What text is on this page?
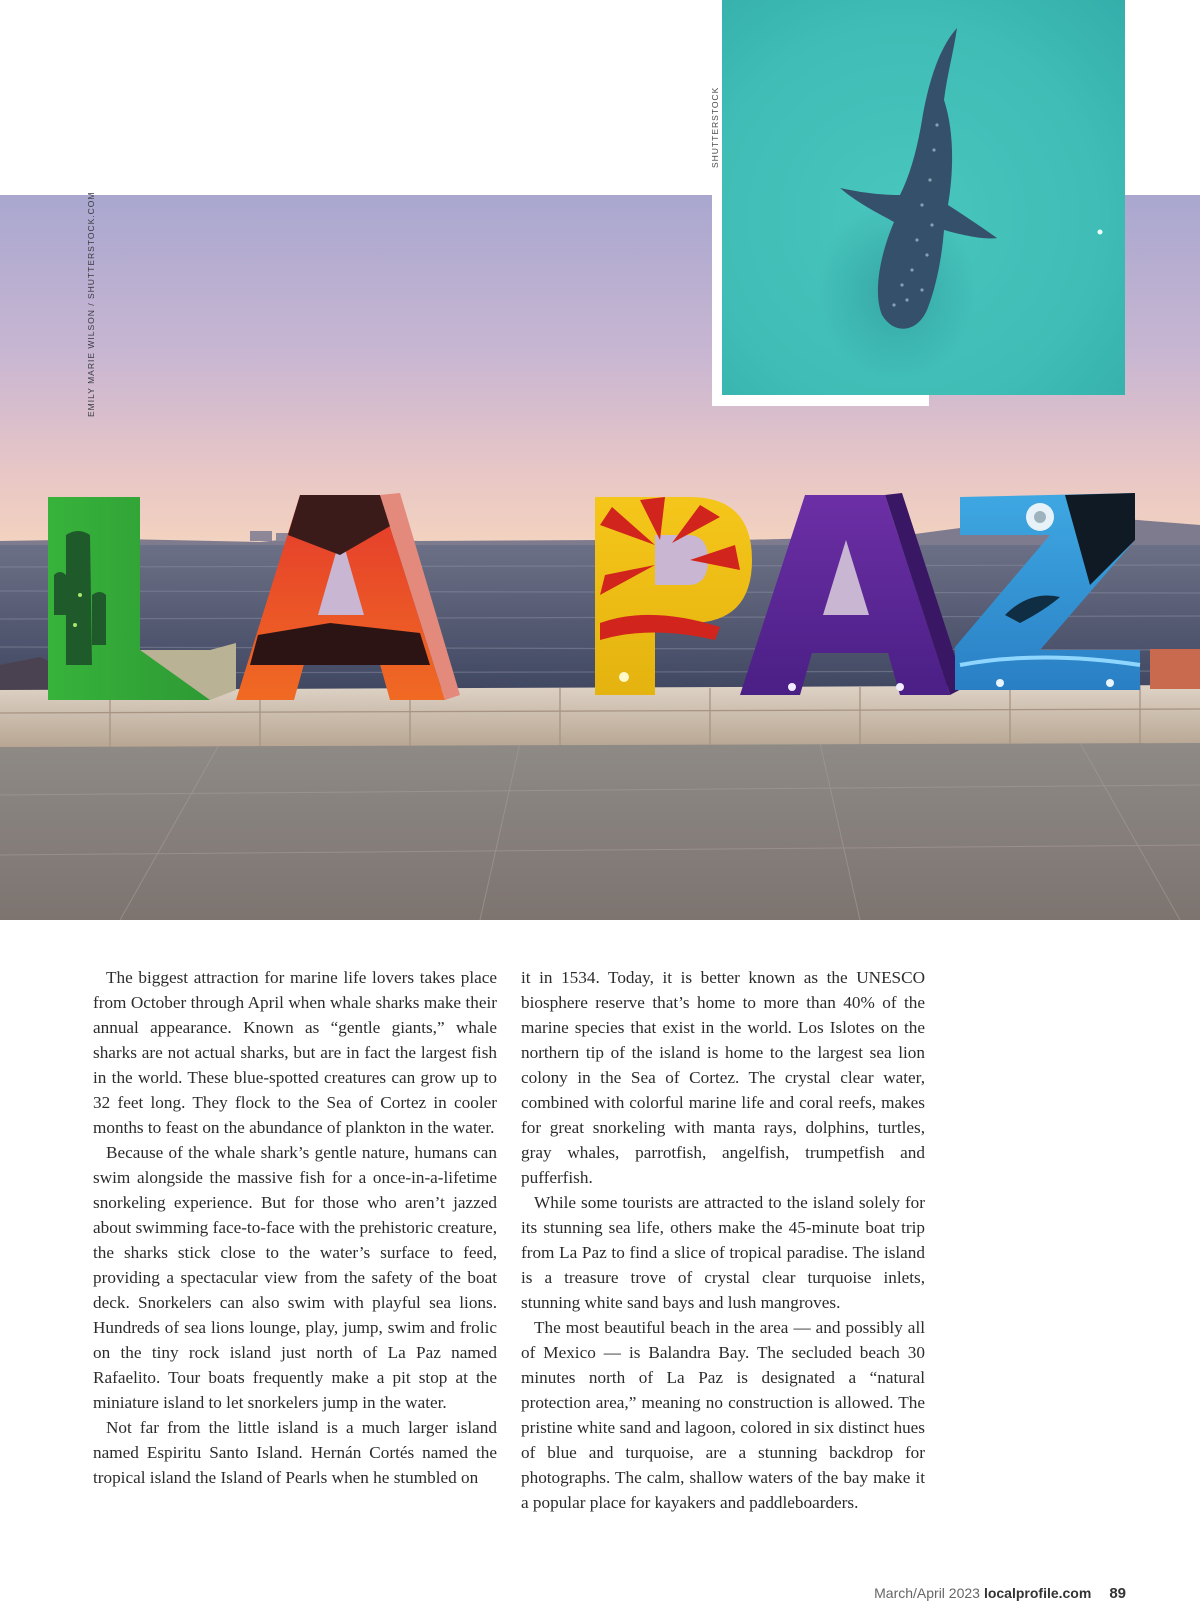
EMILY MARIE WILSON / SHUTTERSTOCK.COM
SHUTTERSTOCK

The biggest attraction for marine life lovers takes place from October through April when whale sharks make their annual appearance. Known as “gentle giants,” whale sharks are not actual sharks, but are in fact the largest fish in the world. These blue-spotted creatures can grow up to 32 feet long. They flock to the Sea of Cortez in cooler months to feast on the abundance of plankton in the water.

Because of the whale shark’s gentle nature, humans can swim alongside the massive fish for a once-in-a-lifetime snorkeling experience. But for those who aren’t jazzed about swimming face-to-face with the prehistoric creature, the sharks stick close to the water’s surface to feed, providing a spectacular view from the safety of the boat deck. Snorkelers can also swim with playful sea lions. Hundreds of sea lions lounge, play, jump, swim and frolic on the tiny rock island just north of La Paz named Rafaelito. Tour boats frequently make a pit stop at the miniature island to let snorkelers jump in the water.

Not far from the little island is a much larger island named Espiritu Santo Island. Hernán Cortés named the tropical island the Island of Pearls when he stumbled on

it in 1534. Today, it is better known as the UNESCO biosphere reserve that’s home to more than 40% of the marine species that exist in the world. Los Islotes on the northern tip of the island is home to the largest sea lion colony in the Sea of Cortez. The crystal clear water, combined with colorful marine life and coral reefs, makes for great snorkeling with manta rays, dolphins, turtles, gray whales, parrotfish, angelfish, trumpetfish and pufferfish.

While some tourists are attracted to the island solely for its stunning sea life, others make the 45-minute boat trip from La Paz to find a slice of tropical paradise. The island is a treasure trove of crystal clear turquoise inlets, stunning white sand bays and lush mangroves.

The most beautiful beach in the area — and possibly all of Mexico — is Balandra Bay. The secluded beach 30 minutes north of La Paz is designated a “natural protection area,” meaning no construction is allowed. The pristine white sand and lagoon, colored in six distinct hues of blue and turquoise, are a stunning backdrop for photographs. The calm, shallow waters of the bay make it a popular place for kayakers and paddleboarders.

March/April 2023 localprofile.com 89
